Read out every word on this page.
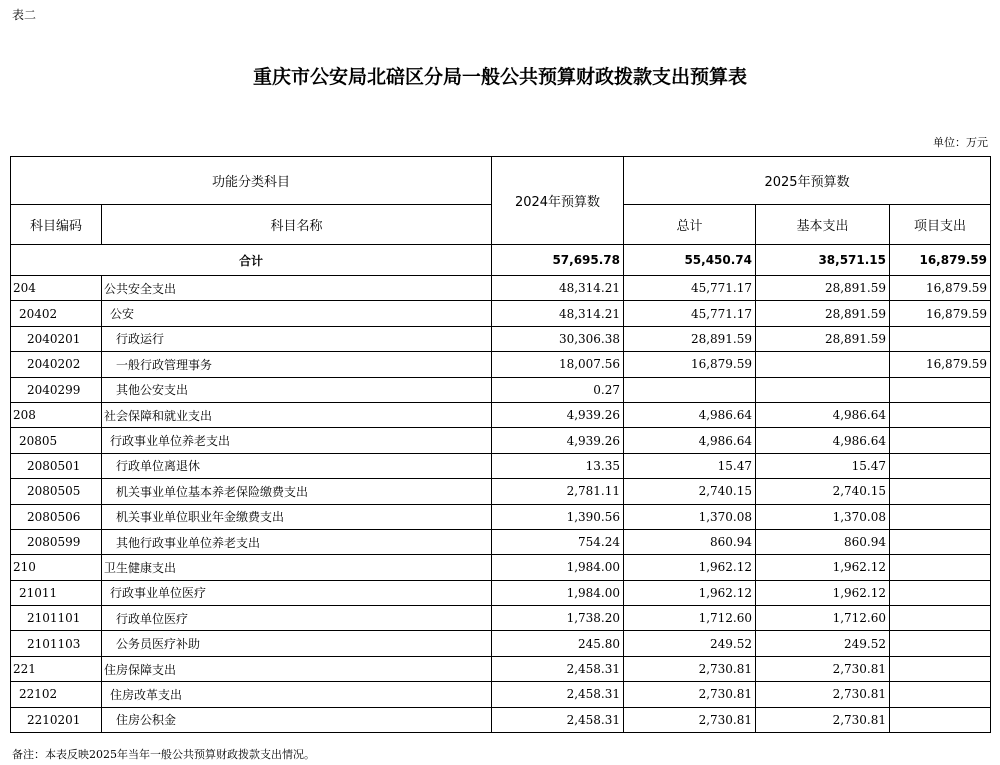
表二
重庆市公安局北碚区分局一般公共预算财政拨款支出预算表
单位：万元
功能分类科目		2024年预算数	2025年预算数		
科目编码	科目名称		总计	基本支出	项目支出
合计		57,695.78	55,450.74	38,571.15	16,879.59
204	公共安全支出	48,314.21	45,771.17	28,891.59	16,879.59
20402	公安	48,314.21	45,771.17	28,891.59	16,879.59
2040201	行政运行	30,306.38	28,891.59	28,891.59	
2040202	一般行政管理事务	18,007.56	16,879.59		16,879.59
2040299	其他公安支出	0.27			
208	社会保障和就业支出	4,939.26	4,986.64	4,986.64	
20805	行政事业单位养老支出	4,939.26	4,986.64	4,986.64	
2080501	行政单位离退休	13.35	15.47	15.47	
2080505	机关事业单位基本养老保险缴费支出	2,781.11	2,740.15	2,740.15	
2080506	机关事业单位职业年金缴费支出	1,390.56	1,370.08	1,370.08	
2080599	其他行政事业单位养老支出	754.24	860.94	860.94	
210	卫生健康支出	1,984.00	1,962.12	1,962.12	
21011	行政事业单位医疗	1,984.00	1,962.12	1,962.12	
2101101	行政单位医疗	1,738.20	1,712.60	1,712.60	
2101103	公务员医疗补助	245.80	249.52	249.52	
221	住房保障支出	2,458.31	2,730.81	2,730.81	
22102	住房改革支出	2,458.31	2,730.81	2,730.81	
2210201	住房公积金	2,458.31	2,730.81	2,730.81	
备注：本表反映2025年当年一般公共预算财政拨款支出情况。
